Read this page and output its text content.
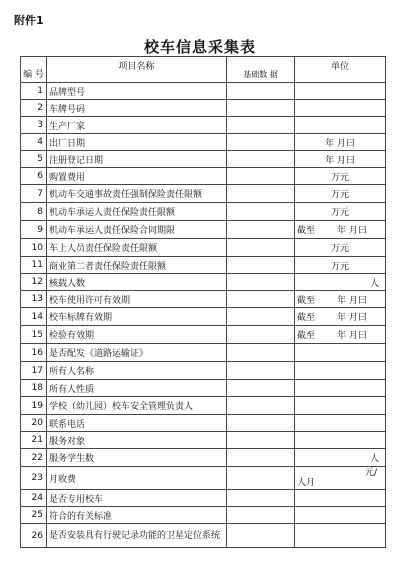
附件1
校车信息采集表
编 号	项目名称	基础数 据	单位
1	品牌型号		
2	车牌号码		
3	生产厂家		
4	出厂日期		年 月曰
5	注册登记日期		年 月曰
6	购置费用		万元
7	机动车交通事故责任强制保险责任限额		万元
8	机动车承运人责任保险责任限额		万元
9	机动车承运人责任保险合同期限		截至 年 月曰
10	车上人员责任保险责任限额		万元
11	商业第二者责任保险责任限额		万元
12	核载人数		人
13	校车使用许可有效期		截至 年 月曰
14	校车标牌有效期		截至 年 月曰
15	检验有效期		截至 年 月曰
16	是否配发《道路运输证》		
17	所有人名称		
18	所有人性质		
19	学校（幼儿园）校车安全管理负责人		
20	联系电话		
21	服务对象		
22	服务学生数		人
23	月收费		元/
人月

24	是否专用校车		
25	符合的有关标准		
26	是否安装具有行驶记录功能的卫星定位系统		
